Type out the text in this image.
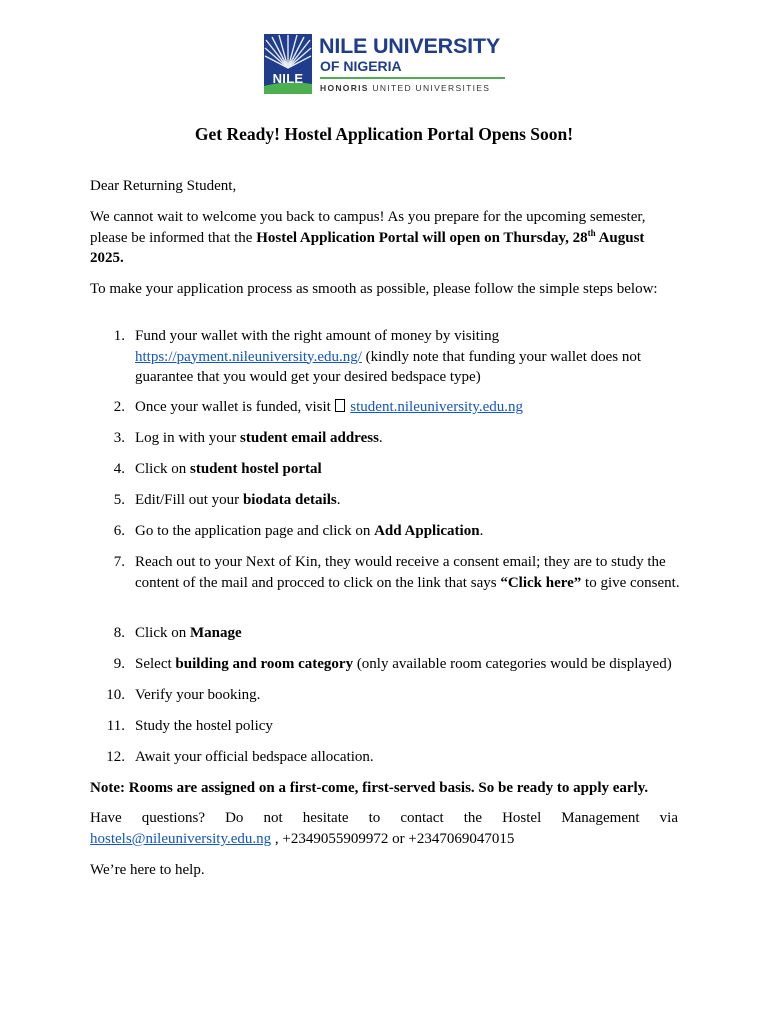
NILE
NILE UNIVERSITY
OF NIGERIA
HONORIS UNITED UNIVERSITIES
Get Ready! Hostel Application Portal Opens Soon!

Dear Returning Student,

We cannot wait to welcome you back to campus! As you prepare for the upcoming semester, please be informed that the Hostel Application Portal will open on Thursday, 28th August 2025.

To make your application process as smooth as possible, please follow the simple steps below:

1. Fund your wallet with the right amount of money by visiting https://payment.nileuniversity.edu.ng/ (kindly note that funding your wallet does not guarantee that you would get your desired bedspace type)
2. Once your wallet is funded, visit  student.nileuniversity.edu.ng
3. Log in with your student email address.
4. Click on student hostel portal
5. Edit/Fill out your biodata details.
6. Go to the application page and click on Add Application.
7. Reach out to your Next of Kin, they would receive a consent email; they are to study the content of the mail and procced to click on the link that says “Click here” to give consent.
8. Click on Manage
9. Select building and room category (only available room categories would be displayed)
10. Verify your booking.
11. Study the hostel policy
12. Await your official bedspace allocation.

Note: Rooms are assigned on a first-come, first-served basis. So be ready to apply early.

Have questions? Do not hesitate to contact the Hostel Management via

hostels@nileuniversity.edu.ng , +2349055909972 or +2347069047015

We’re here to help.
